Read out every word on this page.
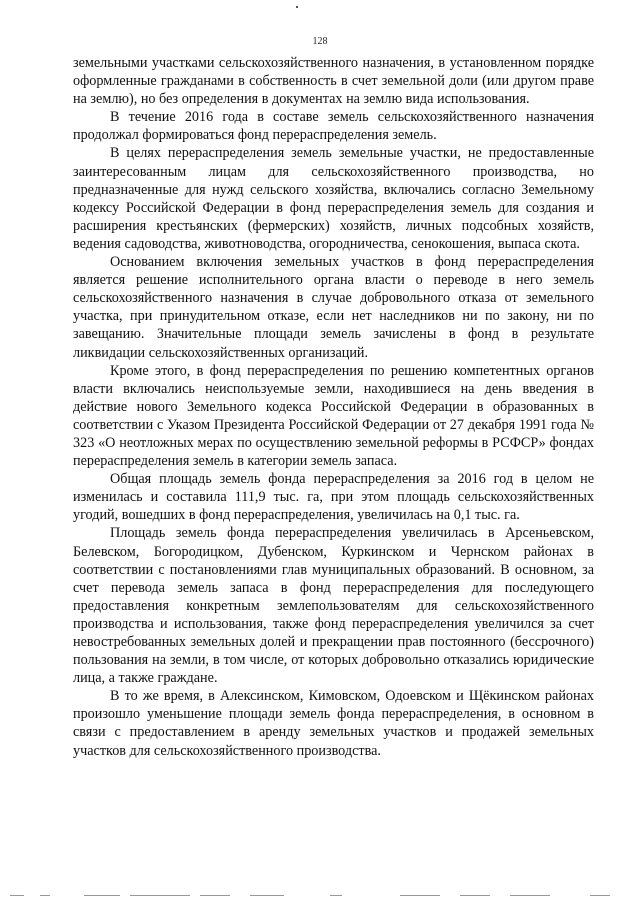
128

земельными участками сельскохозяйственного назначения, в установленном порядке оформленные гражданами в собственность в счет земельной доли (или другом праве на землю), но без определения в документах на землю вида использования.

В течение 2016 года в составе земель сельскохозяйственного назначения продолжал формироваться фонд перераспределения земель.

В целях перераспределения земель земельные участки, не предоставленные заинтересованным лицам для сельскохозяйственного производства, но предназначенные для нужд сельского хозяйства, включались согласно Земельному кодексу Российской Федерации в фонд перераспределения земель для создания и расширения крестьянских (фермерских) хозяйств, личных подсобных хозяйств, ведения садоводства, животноводства, огородничества, сенокошения, выпаса скота.

Основанием включения земельных участков в фонд перераспределения является решение исполнительного органа власти о переводе в него земель сельскохозяйственного назначения в случае добровольного отказа от земельного участка, при принудительном отказе, если нет наследников ни по закону, ни по завещанию. Значительные площади земель зачислены в фонд в результате ликвидации сельскохозяйственных организаций.

Кроме этого, в фонд перераспределения по решению компетентных органов власти включались неиспользуемые земли, находившиеся на день введения в действие нового Земельного кодекса Российской Федерации в образованных в соответствии с Указом Президента Российской Федерации от 27 декабря 1991 года № 323 «О неотложных мерах по осуществлению земельной реформы в РСФСР» фондах перераспределения земель в категории земель запаса.

Общая площадь земель фонда перераспределения за 2016 год в целом не изменилась и составила 111,9 тыс. га, при этом площадь сельскохозяйственных угодий, вошедших в фонд перераспределения, увеличилась на 0,1 тыс. га.

Площадь земель фонда перераспределения увеличилась в Арсеньевском, Белевском, Богородицком, Дубенском, Куркинском и Чернском районах в соответствии с постановлениями глав муниципальных образований. В основном, за счет перевода земель запаса в фонд перераспределения для последующего предоставления конкретным землепользователям для сельскохозяйственного производства и использования, также фонд перераспределения увеличился за счет невостребованных земельных долей и прекращении прав постоянного (бессрочного) пользования на земли, в том числе, от которых добровольно отказались юридические лица, а также граждане.

В то же время, в Алексинском, Кимовском, Одоевском и Щёкинском районах произошло уменьшение площади земель фонда перераспределения, в основном в связи с предоставлением в аренду земельных участков и продажей земельных участков для сельскохозяйственного производства.
